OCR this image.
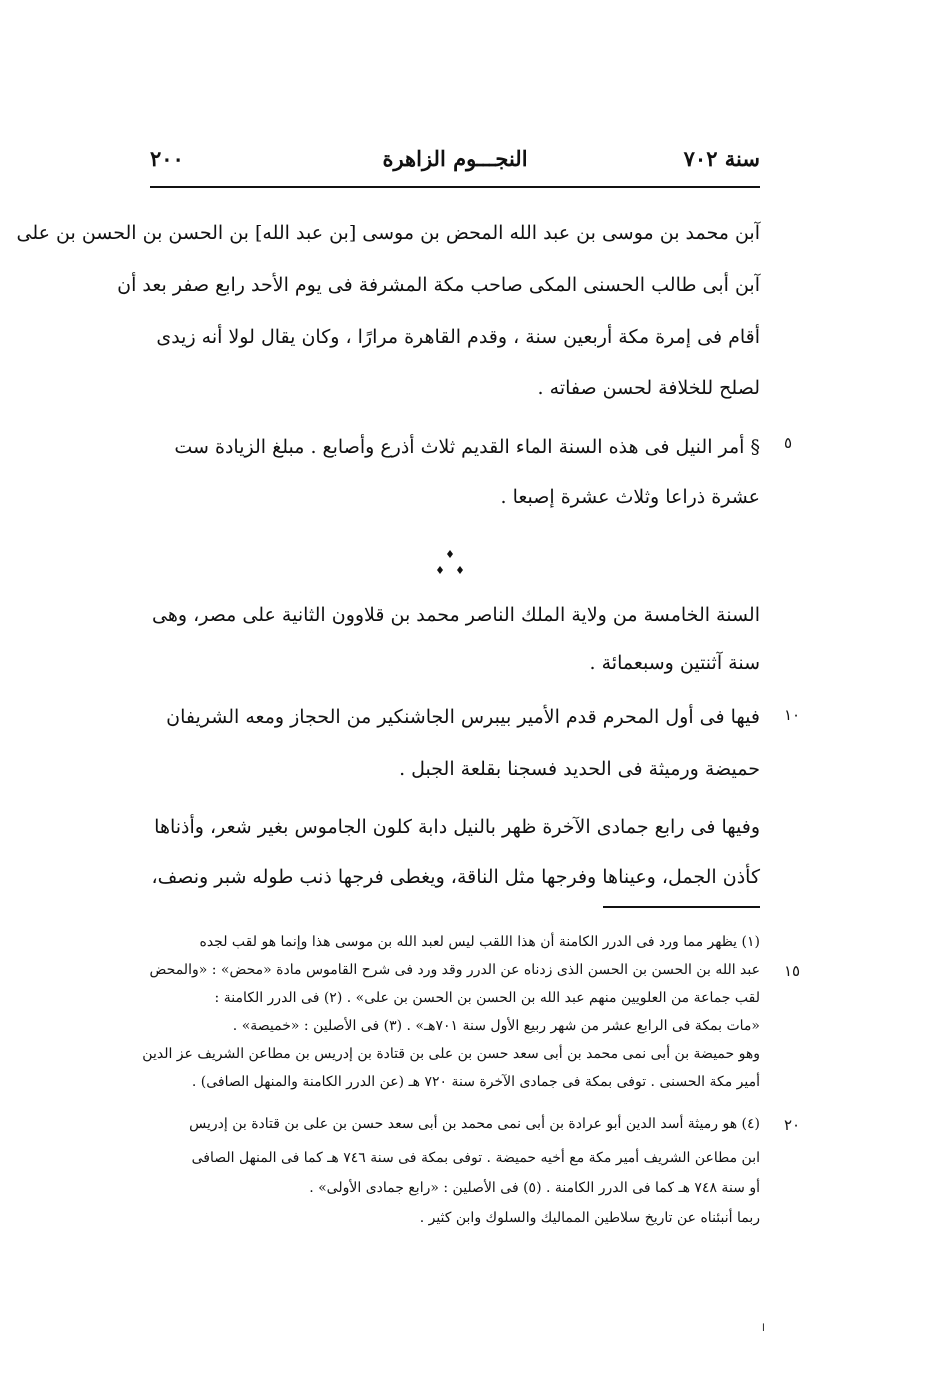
٢٠٠	النجـــوم الزاهرة	سنة ٧٠٢
آبن محمد بن موسى بن عبد الله المحض بن موسى [بن عبد الله] بن الحسن بن الحسن بن على
آبن أبى طالب الحسنى المكى صاحب مكة المشرفة فى يوم الأحد رابع صفر بعد أن
أقام فى إمرة مكة أربعين سنة ، وقدم القاهرة مرارًا ، وكان يقال لولا أنه زيدى
لصلح للخلافة لحسن صفاته .
§ أمر النيل فى هذه السنة الماء القديم ثلاث أذرع وأصابع . مبلغ الزيادة ست
عشرة ذراعا وثلاث عشرة إصبعا .
٥
السنة الخامسة من ولاية الملك الناصر محمد بن قلاوون الثانية على مصر، وهى
سنة آثنتين وسبعمائة .
فيها فى أول المحرم قدم الأمير بيبرس الجاشنكير من الحجاز ومعه الشريفان
حميضة ورميثة فى الحديد فسجنا بقلعة الجبل .
١٠
وفيها فى رابع جمادى الآخرة ظهر بالنيل دابة كلون الجاموس بغير شعر، وأذناها
كأذن الجمل، وعيناها وفرجها مثل الناقة، ويغطى فرجها ذنب طوله شبر ونصف،
(١) يظهر مما ورد فى الدرر الكامنة أن هذا اللقب ليس لعبد الله بن موسى هذا وإنما هو لقب لجده
عبد الله بن الحسن بن الحسن الذى زدناه عن الدرر وقد ورد فى شرح القاموس مادة «محض» : «والمحض
لقب جماعة من العلويين منهم عبد الله بن الحسن بن الحسن بن على» . (٢) فى الدرر الكامنة :
«مات بمكة فى الرابع عشر من شهر ربيع الأول سنة ٧٠١هـ» . (٣) فى الأصلين : «خميصة» .
وهو حميضة بن أبى نمى محمد بن أبى سعد حسن بن على بن قتادة بن إدريس بن مطاعن الشريف عز الدين
أمير مكة الحسنى . توفى بمكة فى جمادى الآخرة سنة ٧٢٠ هـ (عن الدرر الكامنة والمنهل الصافى) .
(٤) هو رميثة أسد الدين أبو عرادة بن أبى نمى محمد بن أبى سعد حسن بن على بن قتادة بن إدريس
ابن مطاعن الشريف أمير مكة مع أخيه حميضة . توفى بمكة فى سنة ٧٤٦ هـ كما فى المنهل الصافى
أو سنة ٧٤٨ هـ كما فى الدرر الكامنة . (٥) فى الأصلين : «رابع جمادى الأولى» .
ربما أنبئناه عن تاريخ سلاطين المماليك والسلوك وابن كثير .
١٥
٢٠
ا
